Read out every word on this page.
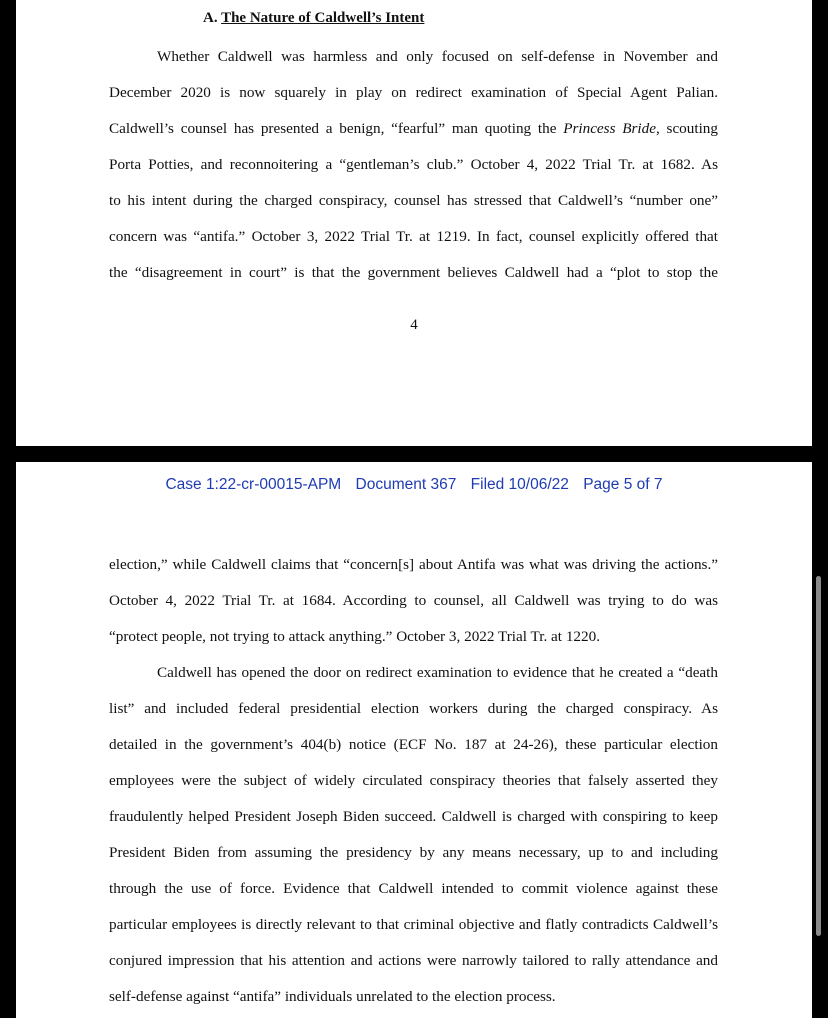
A. The Nature of Caldwell’s Intent
Whether Caldwell was harmless and only focused on self-defense in November and
December 2020 is now squarely in play on redirect examination of Special Agent Palian.
Caldwell’s counsel has presented a benign, “fearful” man quoting the Princess Bride, scouting
Porta Potties, and reconnoitering a “gentleman’s club.” October 4, 2022 Trial Tr. at 1682. As
to his intent during the charged conspiracy, counsel has stressed that Caldwell’s “number one”
concern was “antifa.” October 3, 2022 Trial Tr. at 1219. In fact, counsel explicitly offered that
the “disagreement in court” is that the government believes Caldwell had a “plot to stop the
4
Case 1:22-cr-00015-APM Document 367 Filed 10/06/22 Page 5 of 7
election,” while Caldwell claims that “concern[s] about Antifa was what was driving the actions.”
October 4, 2022 Trial Tr. at 1684. According to counsel, all Caldwell was trying to do was
“protect people, not trying to attack anything.” October 3, 2022 Trial Tr. at 1220.
Caldwell has opened the door on redirect examination to evidence that he created a “death
list” and included federal presidential election workers during the charged conspiracy. As
detailed in the government’s 404(b) notice (ECF No. 187 at 24-26), these particular election
employees were the subject of widely circulated conspiracy theories that falsely asserted they
fraudulently helped President Joseph Biden succeed. Caldwell is charged with conspiring to keep
President Biden from assuming the presidency by any means necessary, up to and including
through the use of force. Evidence that Caldwell intended to commit violence against these
particular employees is directly relevant to that criminal objective and flatly contradicts Caldwell’s
conjured impression that his attention and actions were narrowly tailored to rally attendance and
self-defense against “antifa” individuals unrelated to the election process.
